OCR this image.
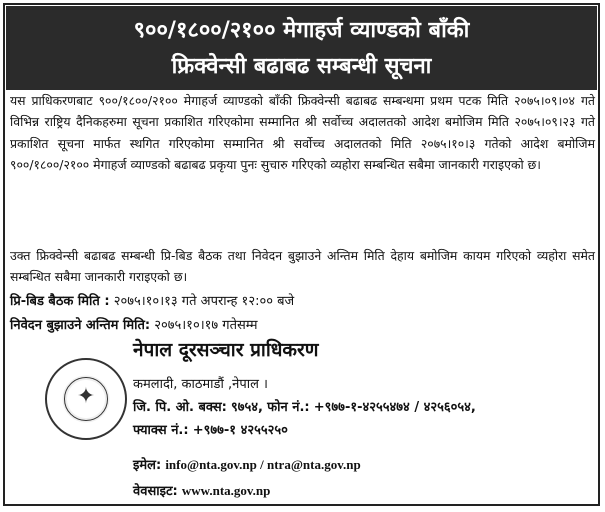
९००/१८००/२१०० मेगाहर्ज व्याण्डको बाँकी
फ्रिक्वेन्सी बढाबढ सम्बन्धी सूचना
यस प्राधिकरणबाट ९००/१८००/२१०० मेगाहर्ज व्याण्डको बाँकी फ्रिक्वेन्सी बढाबढ सम्बन्धमा प्रथम पटक मिति २०७५।०९।०४ गते विभिन्न राष्ट्रिय दैनिकहरुमा सूचना प्रकाशित गरिएकोमा सम्मानित श्री सर्वोच्च अदालतको आदेश बमोजिम मिति २०७५।०९।२३ गते प्रकाशित सूचना मार्फत स्थगित गरिएकोमा सम्मानित श्री सर्वोच्च अदालतको मिति २०७५।१०।३ गतेको आदेश बमोजिम ९००/१८००/२१०० मेगाहर्ज व्याण्डको बढाबढ प्रकृया पुनः सुचारु गरिएको व्यहोरा सम्बन्धित सबैमा जानकारी गराइएको छ।
उक्त फ्रिक्वेन्सी बढाबढ सम्बन्धी प्रि-बिड बैठक तथा निवेदन बुझाउने अन्तिम मिति देहाय बमोजिम कायम गरिएको व्यहोरा समेत सम्बन्धित सबैमा जानकारी गराइएको छ।
प्रि-बिड बैठक मिति : २०७५।१०।१३ गते अपरान्ह १२:०० बजे
निवेदन बुझाउने अन्तिम मिति: २०७५।१०।१७ गतेसम्म
✦
नेपाल दूरसञ्चार प्राधिकरण
कमलादी, काठमाडौं ,नेपाल ।
जि. पि. ओ. बक्स: ९७५४, फोन नं.: +९७७-१-४२५५४७४ / ४२५६०५४,
फ्याक्स नं.: +९७७-१ ४२५५२५०
इमेल: info@nta.gov.np / ntra@nta.gov.np
वेवसाइट: www.nta.gov.np
